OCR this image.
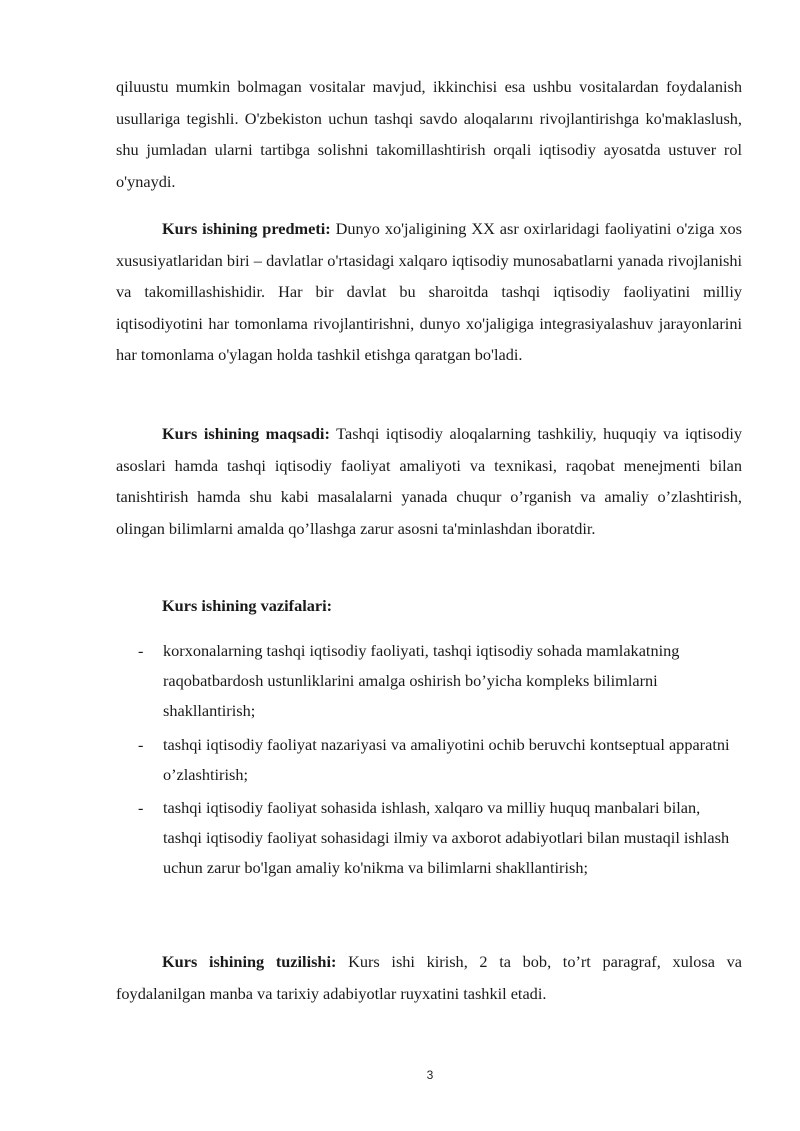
qiluustu mumkin bolmagan vositalar mavjud, ikkinchisi esa ushbu vositalardan foydalanish usullariga tegishli. O'zbekiston uchun tashqi savdo aloqalarını rivojlantirishga ko'maklaslush, shu jumladan ularni tartibga solishni takomillashtirish orqali iqtisodiy ayosatda ustuver rol o'ynaydi.

Kurs ishining predmeti: Dunyo xo'jaligining XX asr oxirlaridagi faoliyatini o'ziga xos xususiyatlaridan biri – davlatlar o'rtasidagi xalqaro iqtisodiy munosabatlarni yanada rivojlanishi va takomillashishidir. Har bir davlat bu sharoitda tashqi iqtisodiy faoliyatini milliy iqtisodiyotini har tomonlama rivojlantirishni, dunyo xo'jaligiga integrasiyalashuv jarayonlarini har tomonlama o'ylagan holda tashkil etishga qaratgan bo'ladi.

Kurs ishining maqsadi: Tashqi iqtisodiy aloqalarning tashkiliy, huquqiy va iqtisodiy asoslari hamda tashqi iqtisodiy faoliyat amaliyoti va texnikasi, raqobat menejmenti bilan tanishtirish hamda shu kabi masalalarni yanada chuqur o’rganish va amaliy o’zlashtirish, olingan bilimlarni amalda qo’llashga zarur asosni ta'minlashdan iboratdir.

Kurs ishining vazifalari:
- korxonalarning tashqi iqtisodiy faoliyati, tashqi iqtisodiy sohada mamlakatning raqobatbardosh ustunliklarini amalga oshirish bo’yicha kompleks bilimlarni shakllantirish;
- tashqi iqtisodiy faoliyat nazariyasi va amaliyotini ochib beruvchi kontseptual apparatni o’zlashtirish;
- tashqi iqtisodiy faoliyat sohasida ishlash, xalqaro va milliy huquq manbalari bilan, tashqi iqtisodiy faoliyat sohasidagi ilmiy va axborot adabiyotlari bilan mustaqil ishlash uchun zarur bo'lgan amaliy ko'nikma va bilimlarni shakllantirish;

Kurs ishining tuzilishi: Kurs ishi kirish, 2 ta bob, to’rt paragraf, xulosa va foydalanilgan manba va tarixiy adabiyotlar ruyxatini tashkil etadi.

3
